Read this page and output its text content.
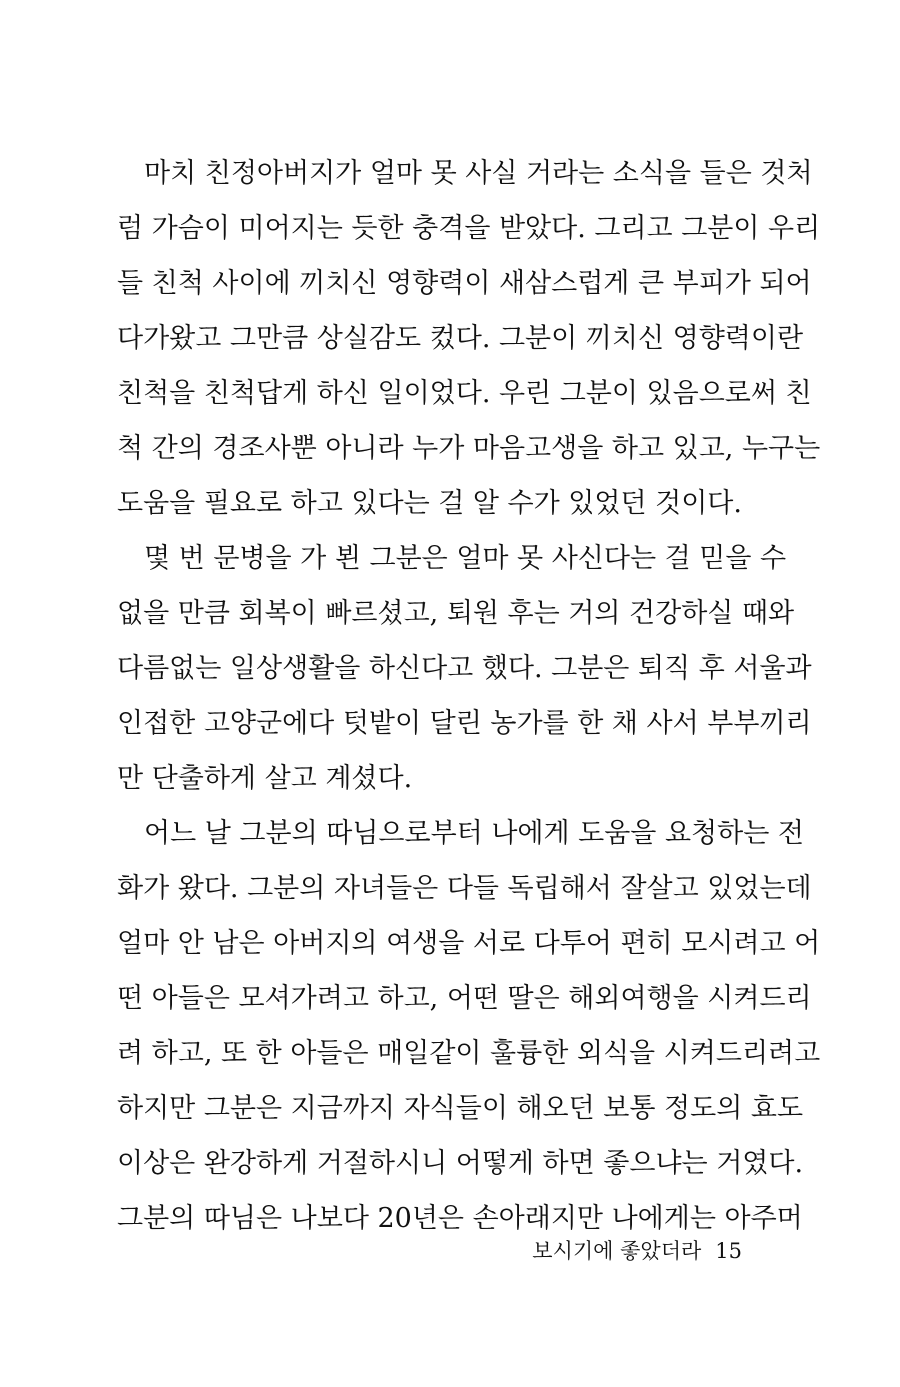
마치 친정아버지가 얼마 못 사실 거라는 소식을 들은 것처
럼 가슴이 미어지는 듯한 충격을 받았다. 그리고 그분이 우리
들 친척 사이에 끼치신 영향력이 새삼스럽게 큰 부피가 되어
다가왔고 그만큼 상실감도 컸다. 그분이 끼치신 영향력이란
친척을 친척답게 하신 일이었다. 우린 그분이 있음으로써 친
척 간의 경조사뿐 아니라 누가 마음고생을 하고 있고, 누구는
도움을 필요로 하고 있다는 걸 알 수가 있었던 것이다.
몇 번 문병을 가 뵌 그분은 얼마 못 사신다는 걸 믿을 수
없을 만큼 회복이 빠르셨고, 퇴원 후는 거의 건강하실 때와
다름없는 일상생활을 하신다고 했다. 그분은 퇴직 후 서울과
인접한 고양군에다 텃밭이 달린 농가를 한 채 사서 부부끼리
만 단출하게 살고 계셨다.
어느 날 그분의 따님으로부터 나에게 도움을 요청하는 전
화가 왔다. 그분의 자녀들은 다들 독립해서 잘살고 있었는데
얼마 안 남은 아버지의 여생을 서로 다투어 편히 모시려고 어
떤 아들은 모셔가려고 하고, 어떤 딸은 해외여행을 시켜드리
려 하고, 또 한 아들은 매일같이 훌륭한 외식을 시켜드리려고
하지만 그분은 지금까지 자식들이 해오던 보통 정도의 효도
이상은 완강하게 거절하시니 어떻게 하면 좋으냐는 거였다.
그분의 따님은 나보다 20년은 손아래지만 나에게는 아주머
보시기에 좋았더라 15
